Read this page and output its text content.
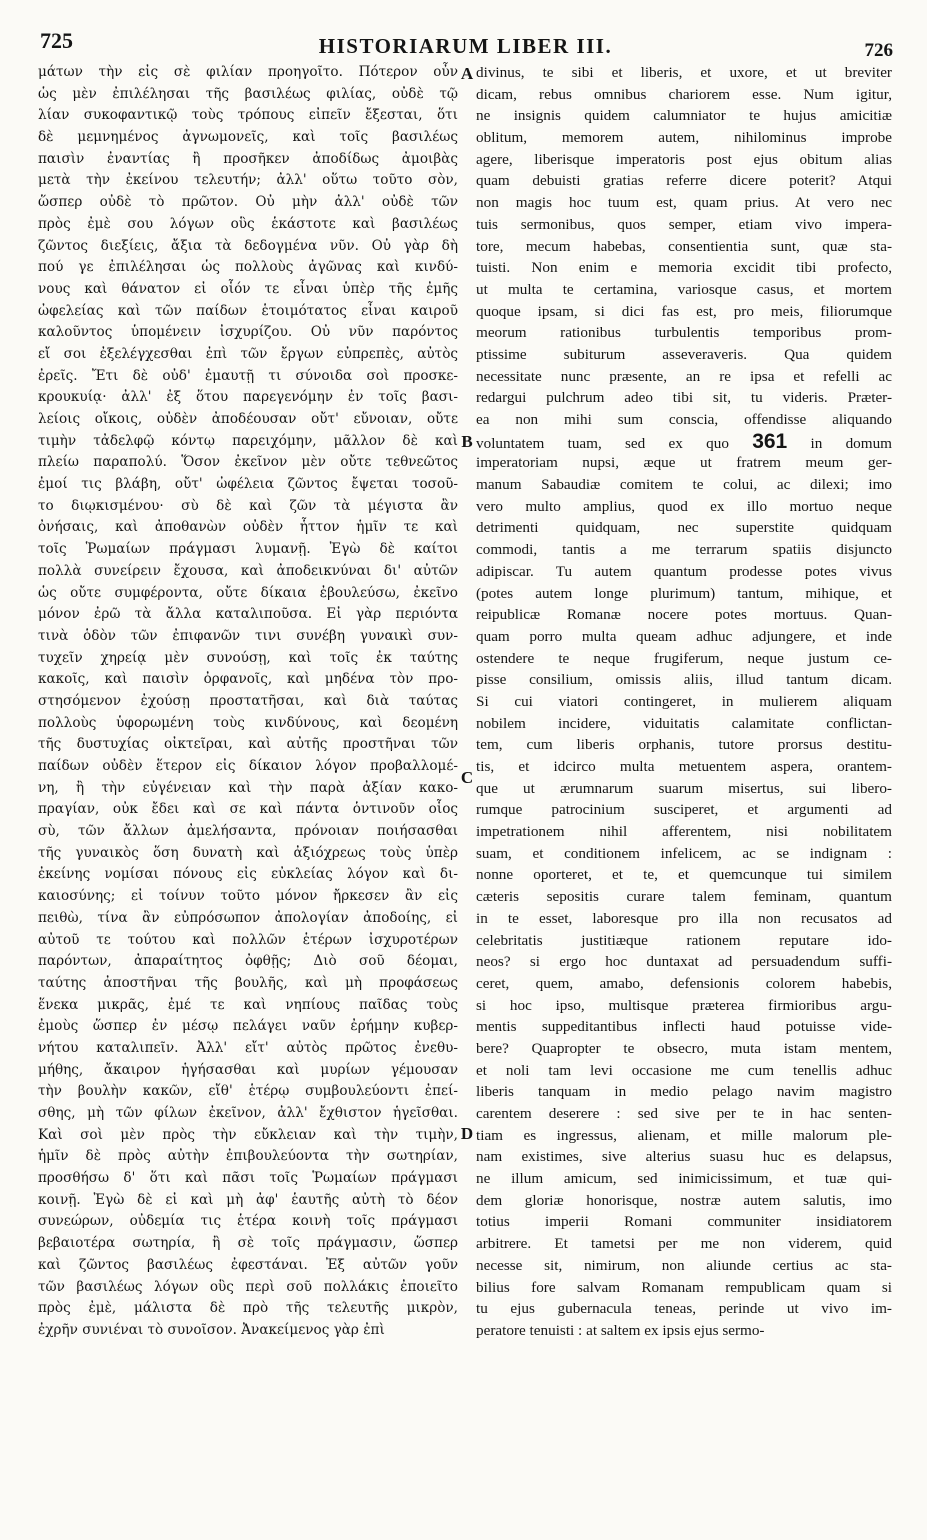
725	HISTORIARUM LIBER III.	726
μάτων τὴν εἰς σὲ φιλίαν προηγοῖτο. Πότερον οὖν
ὡς μὲν ἐπιλέλησαι τῆς βασιλέως φιλίας, οὐδὲ τῷ
λίαν συκοφαντικῷ τοὺς τρόπους εἰπεῖν ἔξεσται, ὅτι
δὲ μεμνημένος ἀγνωμονεῖς, καὶ τοῖς βασιλέως
παισὶν ἐναντίας ἢ προσῆκεν ἀποδίδως ἀμοιβὰς
μετὰ τὴν ἐκείνου τελευτήν; ἀλλ' οὕτω τοῦτο σὸν,
ὥσπερ οὐδὲ τὸ πρῶτον. Οὐ μὴν ἀλλ' οὐδὲ τῶν
πρὸς ἐμὲ σου λόγων οὓς ἑκάστοτε καὶ βασιλέως
ζῶντος διεξίεις, ἄξια τὰ δεδογμένα νῦν. Οὐ γὰρ δὴ
πού γε ἐπιλέλησαι ὡς πολλοὺς ἀγῶνας καὶ κινδύ-
νους καὶ θάνατον εἰ οἷόν τε εἶναι ὑπὲρ τῆς ἐμῆς
ὠφελείας καὶ τῶν παίδων ἑτοιμότατος εἶναι καιροῦ
καλοῦντος ὑπομένειν ἰσχυρίζου. Οὐ νῦν παρόντος
εἴ σοι ἐξελέγχεσθαι ἐπὶ τῶν ἔργων εὐπρεπὲς, αὐτὸς
ἐρεῖς. Ἔτι δὲ οὐδ' ἐμαυτῇ τι σύνοιδα σοὶ προσκε-
κρουκυίᾳ· ἀλλ' ἐξ ὅτου παρεγενόμην ἐν τοῖς βασι-
λείοις οἴκοις, οὐδὲν ἀποδέουσαν οὔτ' εὔνοιαν, οὔτε
τιμὴν τἀδελφῷ κόντῳ παρειχόμην, μᾶλλον δὲ καὶ
πλείω παραπολύ. Ὅσον ἐκεῖνον μὲν οὔτε τεθνεῶτος
ἐμοί τις βλάβη, οὔτ' ὠφέλεια ζῶντος ἔψεται τοσοῦ-
το διῳκισμένου· σὺ δὲ καὶ ζῶν τὰ μέγιστα ἂν
ὀνήσαις, καὶ ἀποθανὼν οὐδὲν ἧττον ἡμῖν τε καὶ
τοῖς Ῥωμαίων πράγμασι λυμανῇ. Ἐγὼ δὲ καίτοι
πολλὰ συνείρειν ἔχουσα, καὶ ἀποδεικνύναι δι' αὐτῶν
ὡς οὔτε συμφέροντα, οὔτε δίκαια ἐβουλεύσω, ἐκεῖνο
μόνον ἐρῶ τὰ ἄλλα καταλιποῦσα. Εἰ γὰρ περιόντα
τινὰ ὁδὸν τῶν ἐπιφανῶν τινι συνέβη γυναικὶ συν-
τυχεῖν χηρείᾳ μὲν συνούσῃ, καὶ τοῖς ἐκ ταύτης
κακοῖς, καὶ παισὶν ὀρφανοῖς, καὶ μηδένα τὸν προ-
στησόμενον ἐχούσῃ προστατῆσαι, καὶ διὰ ταύτας
πολλοὺς ὑφορωμένη τοὺς κινδύνους, καὶ δεομένη
τῆς δυστυχίας οἰκτεῖραι, καὶ αὐτῆς προστῆναι τῶν
παίδων οὐδὲν ἕτερον εἰς δίκαιον λόγον προβαλλομέ-
νη, ἢ τὴν εὐγένειαν καὶ τὴν παρὰ ἀξίαν κακο-
πραγίαν, οὐκ ἔδει καὶ σε καὶ πάντα ὁντινοῦν οἷος
σὺ, τῶν ἄλλων ἀμελήσαντα, πρόνοιαν ποιήσασθαι
τῆς γυναικὸς ὅση δυνατὴ καὶ ἀξιόχρεως τοὺς ὑπὲρ
ἐκείνης νομίσαι πόνους εἰς εὐκλείας λόγον καὶ δι-
καιοσύνης; εἰ τοίνυν τοῦτο μόνον ἤρκεσεν ἂν εἰς
πειθὼ, τίνα ἂν εὐπρόσωπον ἀπολογίαν ἀποδοίης, εἰ
αὐτοῦ τε τούτου καὶ πολλῶν ἑτέρων ἰσχυροτέρων
παρόντων, ἀπαραίτητος ὀφθῇς; Διὸ σοῦ δέομαι,
ταύτης ἀποστῆναι τῆς βουλῆς, καὶ μὴ προφάσεως
ἕνεκα μικρᾶς, ἐμέ τε καὶ νηπίους παῖδας τοὺς
ἐμοὺς ὥσπερ ἐν μέσῳ πελάγει ναῦν ἐρήμην κυβερ-
νήτου καταλιπεῖν. Ἀλλ' εἴτ' αὐτὸς πρῶτος ἐνεθυ-
μήθης, ἄκαιρον ἡγήσασθαι καὶ μυρίων γέμουσαν
τὴν βουλὴν κακῶν, εἴθ' ἑτέρῳ συμβουλεύοντι ἐπεί-
σθης, μὴ τῶν φίλων ἐκεῖνον, ἀλλ' ἔχθιστον ἡγεῖσθαι.
Καὶ σοὶ μὲν πρὸς τὴν εὔκλειαν καὶ τὴν τιμὴν,
ἡμῖν δὲ πρὸς αὐτὴν ἐπιβουλεύοντα τὴν σωτηρίαν,
προσθήσω δ' ὅτι καὶ πᾶσι τοῖς Ῥωμαίων πράγμασι
κοινῇ. Ἐγὼ δὲ εἰ καὶ μὴ ἀφ' ἑαυτῆς αὐτὴ τὸ δέον
συνεώρων, οὐδεμία τις ἑτέρα κοινὴ τοῖς πράγμασι
βεβαιοτέρα σωτηρία, ἢ σὲ τοῖς πράγμασιν, ὥσπερ
καὶ ζῶντος βασιλέως ἐφεστάναι. Ἐξ αὐτῶν γοῦν
τῶν βασιλέως λόγων οὓς περὶ σοῦ πολλάκις ἐποιεῖτο
πρὸς ἐμὲ, μάλιστα δὲ πρὸ τῆς τελευτῆς μικρὸν,
ἐχρῆν συνιέναι τὸ συνοῖσον. Ἀνακείμενος γὰρ ἐπὶ
divinus, te sibi et liberis, et uxore, et ut breviter
dicam, rebus omnibus chariorem esse. Num igitur,
ne insignis quidem calumniator te hujus amicitiæ
oblitum, memorem autem, nihilominus improbe
agere, liberisque imperatoris post ejus obitum alias
quam debuisti gratias referre dicere poterit? Atqui
non magis hoc tuum est, quam prius. At vero nec
tuis sermonibus, quos semper, etiam vivo impera-
tore, mecum habebas, consentientia sunt, quæ sta-
tuisti. Non enim e memoria excidit tibi profecto,
ut multa te certamina, variosque casus, et mortem
quoque ipsam, si dici fas est, pro meis, filiorumque
meorum rationibus turbulentis temporibus prom-
ptissime subiturum asseveraveris. Qua quidem
necessitate nunc præsente, an re ipsa et refelli ac
redargui pulchrum adeo tibi sit, tu videris. Præter-
ea non mihi sum conscia, offendisse aliquando
voluntatem tuam, sed ex quo 361 in domum
imperatoriam nupsi, æque ut fratrem meum ger-
manum Sabaudiæ comitem te colui, ac dilexi; imo
vero multo amplius, quod ex illo mortuo neque
detrimenti quidquam, nec superstite quidquam
commodi, tantis a me terrarum spatiis disjuncto
adipiscar. Tu autem quantum prodesse potes vivus
(potes autem longe plurimum) tantum, mihique, et
reipublicæ Romanæ nocere potes mortuus. Quan-
quam porro multa queam adhuc adjungere, et inde
ostendere te neque frugiferum, neque justum ce-
pisse consilium, omissis aliis, illud tantum dicam.
Si cui viatori contingeret, in mulierem aliquam
nobilem incidere, viduitatis calamitate conflictan-
tem, cum liberis orphanis, tutore prorsus destitu-
tis, et idcirco multa metuentem aspera, orantem-
que ut ærumnarum suarum misertus, sui libero-
rumque patrocinium susciperet, et argumenti ad
impetrationem nihil afferentem, nisi nobilitatem
suam, et conditionem infelicem, ac se indignam :
nonne oporteret, et te, et quemcunque tui similem
cæteris sepositis curare talem feminam, quantum
in te esset, laboresque pro illa non recusatos ad
celebritatis justitiæque rationem reputare ido-
neos? si ergo hoc duntaxat ad persuadendum suffi-
ceret, quem, amabo, defensionis colorem habebis,
si hoc ipso, multisque præterea firmioribus argu-
mentis suppeditantibus inflecti haud potuisse vide-
bere? Quapropter te obsecro, muta istam mentem,
et noli tam levi occasione me cum tenellis adhuc
liberis tanquam in medio pelago navim magistro
carentem deserere : sed sive per te in hac senten-
tiam es ingressus, alienam, et mille malorum ple-
nam existimes, sive alterius suasu huc es delapsus,
ne illum amicum, sed inimicissimum, et tuæ qui-
dem gloriæ honorisque, nostræ autem salutis, imo
totius imperii Romani communiter insidiatorem
arbitrere. Et tametsi per me non viderem, quid
necesse sit, nimirum, non aliunde certius ac sta-
bilius fore salvam Romanam rempublicam quam si
tu ejus gubernacula teneas, perinde ut vivo im-
peratore tenuisti : at saltem ex ipsis ejus sermo-
A
B
C
D
